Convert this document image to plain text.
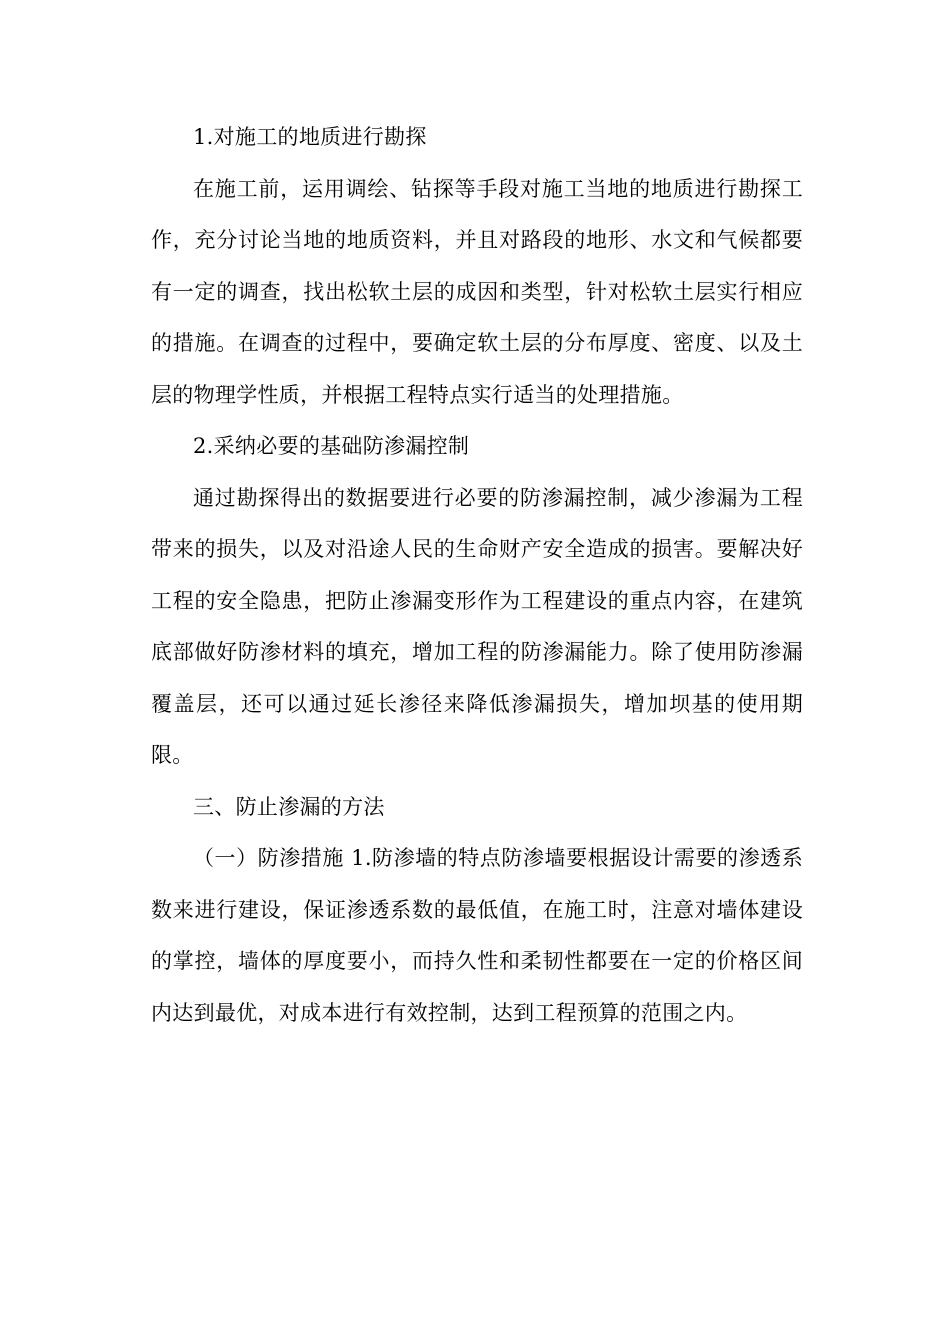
1.对施工的地质进行勘探

在施工前，运用调绘、钻探等手段对施工当地的地质进行勘探工作，充分讨论当地的地质资料，并且对路段的地形、水文和气候都要有一定的调查，找出松软土层的成因和类型，针对松软土层实行相应的措施。在调查的过程中，要确定软土层的分布厚度、密度、以及土层的物理学性质，并根据工程特点实行适当的处理措施。

2.采纳必要的基础防渗漏控制

通过勘探得出的数据要进行必要的防渗漏控制，减少渗漏为工程带来的损失，以及对沿途人民的生命财产安全造成的损害。要解决好工程的安全隐患，把防止渗漏变形作为工程建设的重点内容，在建筑底部做好防渗材料的填充，增加工程的防渗漏能力。除了使用防渗漏覆盖层，还可以通过延长渗径来降低渗漏损失，增加坝基的使用期限。

三、防止渗漏的方法

（一）防渗措施 1.防渗墙的特点防渗墙要根据设计需要的渗透系数来进行建设，保证渗透系数的最低值，在施工时，注意对墙体建设的掌控，墙体的厚度要小，而持久性和柔韧性都要在一定的价格区间内达到最优，对成本进行有效控制，达到工程预算的范围之内。
